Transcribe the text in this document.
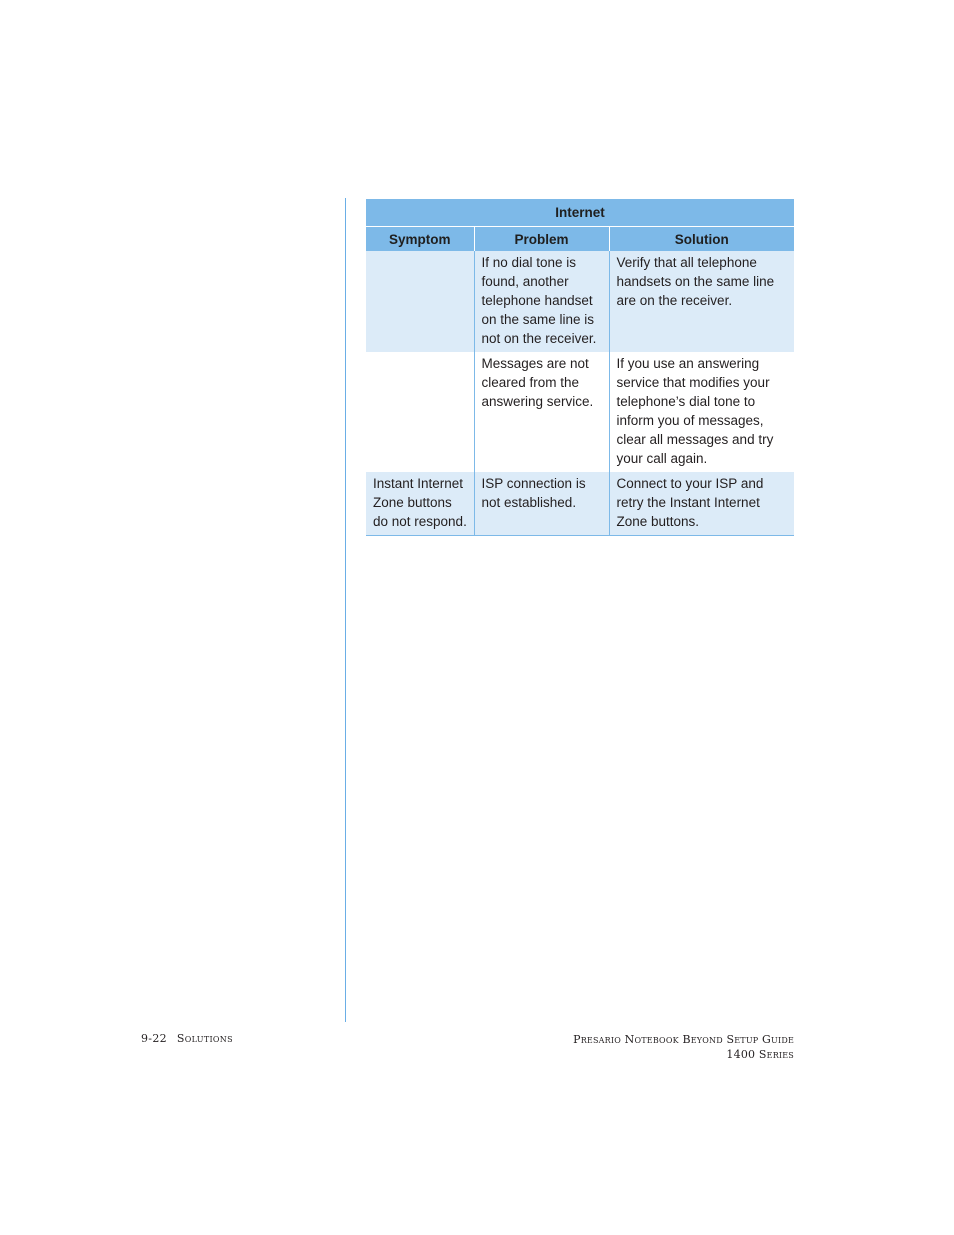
Internet		
Symptom	Problem	Solution
	If no dial tone is found, another telephone handset on the same line is not on the receiver.	Verify that all telephone handsets on the same line are on the receiver.
	Messages are not cleared from the answering service.	If you use an answering service that modifies your telephone’s dial tone to inform you of messages, clear all messages and try your call again.
Instant Internet Zone buttons do not respond.	ISP connection is not established.	Connect to your ISP and retry the Instant Internet Zone buttons.
9-22 Solutions	Presario Notebook Beyond Setup Guide
1400 Series
